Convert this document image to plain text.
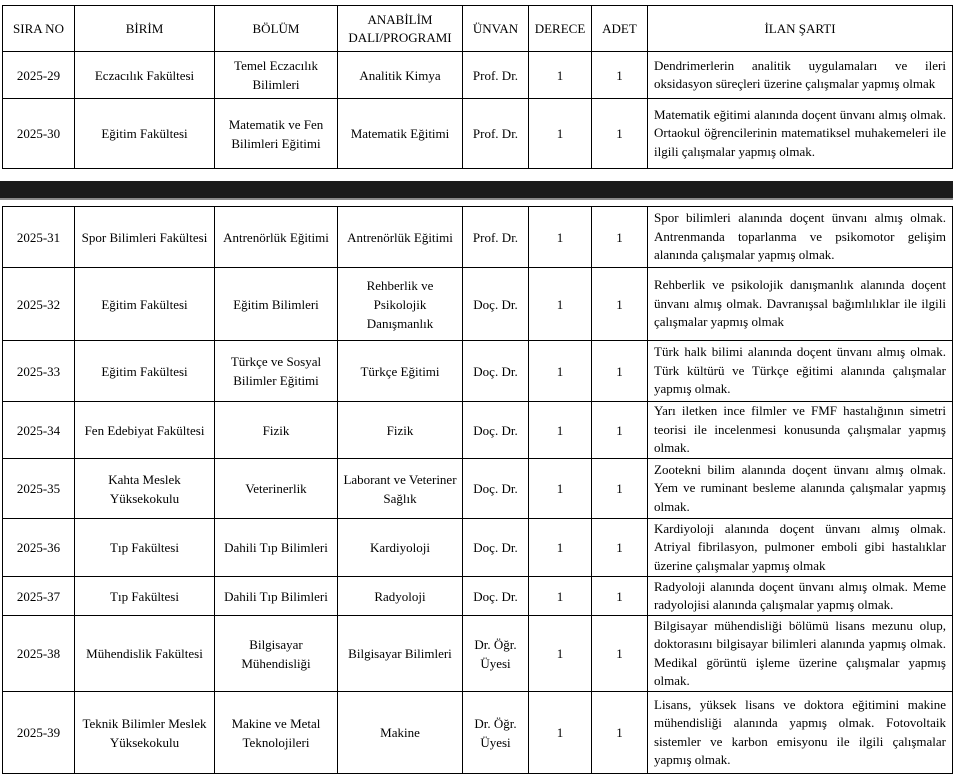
SIRA NO	BİRİM	BÖLÜM	ANABİLİM DALI/PROGRAMI	ÜNVAN	DERECE	ADET	İLAN ŞARTI
2025-29	Eczacılık Fakültesi	Temel Eczacılık Bilimleri	Analitik Kimya	Prof. Dr.	1	1	Dendrimerlerin analitik uygulamaları ve ileri oksidasyon süreçleri üzerine çalışmalar yapmış olmak
2025-30	Eğitim Fakültesi	Matematik ve Fen Bilimleri Eğitimi	Matematik Eğitimi	Prof. Dr.	1	1	Matematik eğitimi alanında doçent ünvanı almış olmak. Ortaokul öğrencilerinin matematiksel muhakemeleri ile ilgili çalışmalar yapmış olmak.
2025-31	Spor Bilimleri Fakültesi	Antrenörlük Eğitimi	Antrenörlük Eğitimi	Prof. Dr.	1	1	Spor bilimleri alanında doçent ünvanı almış olmak. Antrenmanda toparlanma ve psikomotor gelişim alanında çalışmalar yapmış olmak.
2025-32	Eğitim Fakültesi	Eğitim Bilimleri	Rehberlik ve Psikolojik Danışmanlık	Doç. Dr.	1	1	Rehberlik ve psikolojik danışmanlık alanında doçent ünvanı almış olmak. Davranışsal bağımlılıklar ile ilgili çalışmalar yapmış olmak
2025-33	Eğitim Fakültesi	Türkçe ve Sosyal Bilimler Eğitimi	Türkçe Eğitimi	Doç. Dr.	1	1	Türk halk bilimi alanında doçent ünvanı almış olmak. Türk kültürü ve Türkçe eğitimi alanında çalışmalar yapmış olmak.
2025-34	Fen Edebiyat Fakültesi	Fizik	Fizik	Doç. Dr.	1	1	Yarı iletken ince filmler ve FMF hastalığının simetri teorisi ile incelenmesi konusunda çalışmalar yapmış olmak.
2025-35	Kahta Meslek Yüksekokulu	Veterinerlik	Laborant ve Veteriner Sağlık	Doç. Dr.	1	1	Zootekni bilim alanında doçent ünvanı almış olmak. Yem ve ruminant besleme alanında çalışmalar yapmış olmak.
2025-36	Tıp Fakültesi	Dahili Tıp Bilimleri	Kardiyoloji	Doç. Dr.	1	1	Kardiyoloji alanında doçent ünvanı almış olmak. Atriyal fibrilasyon, pulmoner emboli gibi hastalıklar üzerine çalışmalar yapmış olmak
2025-37	Tıp Fakültesi	Dahili Tıp Bilimleri	Radyoloji	Doç. Dr.	1	1	Radyoloji alanında doçent ünvanı almış olmak. Meme radyolojisi alanında çalışmalar yapmış olmak.
2025-38	Mühendislik Fakültesi	Bilgisayar Mühendisliği	Bilgisayar Bilimleri	Dr. Öğr. Üyesi	1	1	Bilgisayar mühendisliği bölümü lisans mezunu olup, doktorasını bilgisayar bilimleri alanında yapmış olmak. Medikal görüntü işleme üzerine çalışmalar yapmış olmak.
2025-39	Teknik Bilimler Meslek Yüksekokulu	Makine ve Metal Teknolojileri	Makine	Dr. Öğr. Üyesi	1	1	Lisans, yüksek lisans ve doktora eğitimini makine mühendisliği alanında yapmış olmak. Fotovoltaik sistemler ve karbon emisyonu ile ilgili çalışmalar yapmış olmak.
